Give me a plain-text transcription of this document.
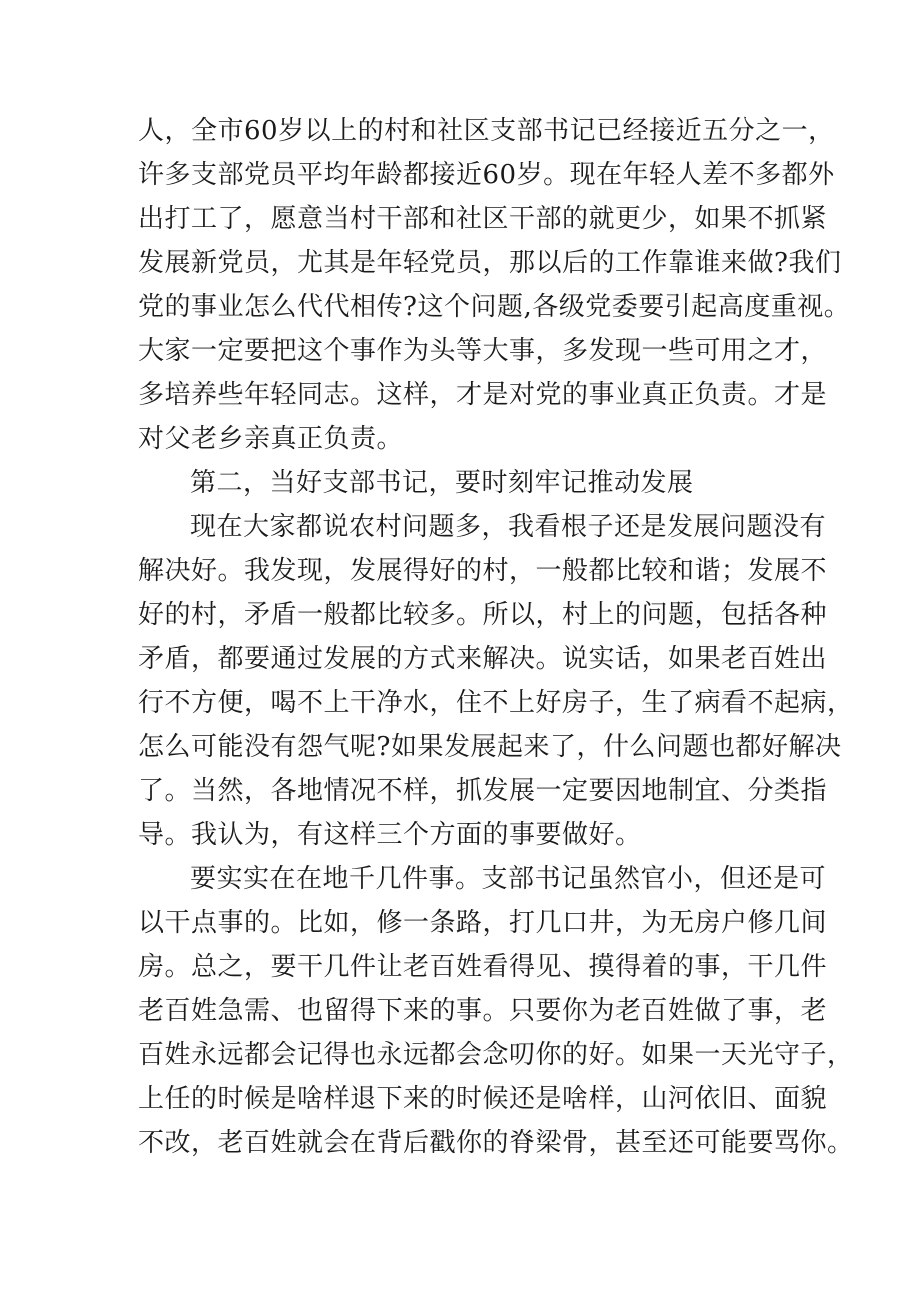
人，全市60岁以上的村和社区支部书记已经接近五分之一，
许多支部党员平均年龄都接近60岁。现在年轻人差不多都外
出打工了，愿意当村干部和社区干部的就更少，如果不抓紧
发展新党员，尤其是年轻党员，那以后的工作靠谁来做?我们
党的事业怎么代代相传?这个问题,各级党委要引起高度重视。
大家一定要把这个事作为头等大事，多发现一些可用之才，
多培养些年轻同志。这样，才是对党的事业真正负责。才是
对父老乡亲真正负责。
第二，当好支部书记，要时刻牢记推动发展
现在大家都说农村问题多，我看根子还是发展问题没有
解决好。我发现，发展得好的村，一般都比较和谐；发展不
好的村，矛盾一般都比较多。所以，村上的问题，包括各种
矛盾，都要通过发展的方式来解决。说实话，如果老百姓出
行不方便，喝不上干净水，住不上好房子，生了病看不起病，
怎么可能没有怨气呢?如果发展起来了，什么问题也都好解决
了。当然，各地情况不样，抓发展一定要因地制宜、分类指
导。我认为，有这样三个方面的事要做好。
要实实在在地千几件事。支部书记虽然官小，但还是可
以干点事的。比如，修一条路，打几口井，为无房户修几间
房。总之，要干几件让老百姓看得见、摸得着的事，干几件
老百姓急需、也留得下来的事。只要你为老百姓做了事，老
百姓永远都会记得也永远都会念叨你的好。如果一天光守子，
上任的时候是啥样退下来的时候还是啥样，山河依旧、面貌
不改，老百姓就会在背后戳你的脊梁骨，甚至还可能要骂你。
